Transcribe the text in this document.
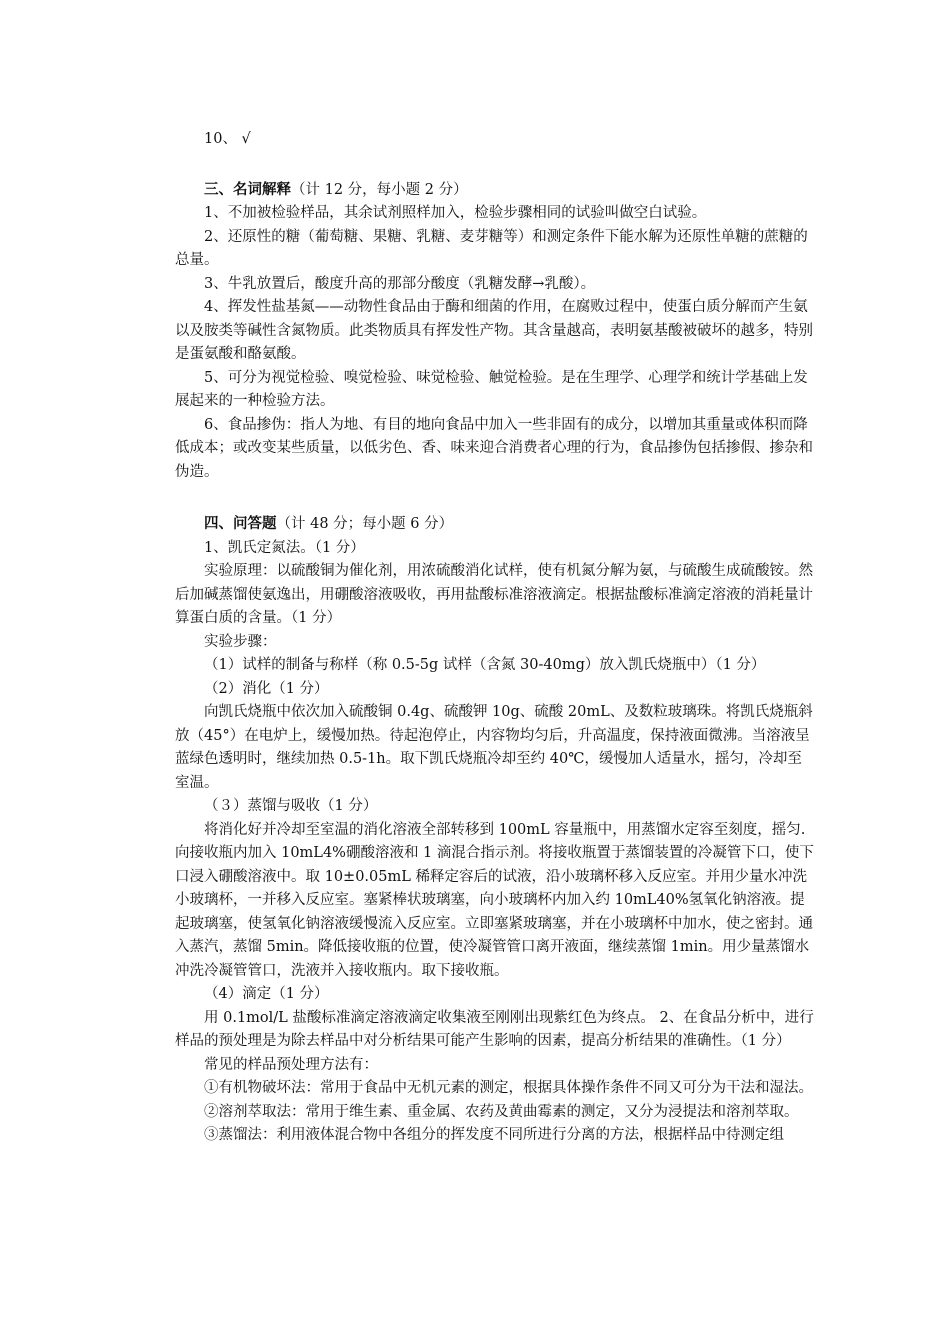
10、 √

三、名词解释（计 12 分，每小题 2 分）

1、不加被检验样品，其余试剂照样加入，检验步骤相同的试验叫做空白试验。

2、还原性的糖（葡萄糖、果糖、乳糖、麦芽糖等）和测定条件下能水解为还原性单糖的蔗糖的总量。

3、牛乳放置后，酸度升高的那部分酸度（乳糖发酵→乳酸）。

4、挥发性盐基氮——动物性食品由于酶和细菌的作用，在腐败过程中，使蛋白质分解而产生氨以及胺类等碱性含氮物质。此类物质具有挥发性产物。其含量越高，表明氨基酸被破坏的越多，特别是蛋氨酸和酪氨酸。

5、可分为视觉检验、嗅觉检验、味觉检验、触觉检验。是在生理学、心理学和统计学基础上发展起来的一种检验方法。

6、食品掺伪：指人为地、有目的地向食品中加入一些非固有的成分，以增加其重量或体积而降低成本；或改变某些质量，以低劣色、香、味来迎合消费者心理的行为，食品掺伪包括掺假、掺杂和伪造。

四、问答题（计 48 分；每小题 6 分）

1、凯氏定氮法。（1 分）

实验原理：以硫酸铜为催化剂，用浓硫酸消化试样，使有机氮分解为氨，与硫酸生成硫酸铵。然后加碱蒸馏使氨逸出，用硼酸溶液吸收，再用盐酸标准溶液滴定。根据盐酸标准滴定溶液的消耗量计算蛋白质的含量。（1 分）

实验步骤：

（1）试样的制备与称样（称 0.5-5g 试样（含氮 30-40mg）放入凯氏烧瓶中）（1 分）

（2）消化（1 分）

向凯氏烧瓶中依次加入硫酸铜 0.4g、硫酸钾 10g、硫酸 20mL、及数粒玻璃珠。将凯氏烧瓶斜放（45°）在电炉上，缓慢加热。待起泡停止，内容物均匀后，升高温度，保持液面微沸。当溶液呈蓝绿色透明时，继续加热 0.5-1h。取下凯氏烧瓶冷却至约 40℃，缓慢加人适量水，摇匀，冷却至室温。

（３）蒸馏与吸收（1 分）

将消化好并冷却至室温的消化溶液全部转移到 100mL 容量瓶中，用蒸馏水定容至刻度，摇匀. 向接收瓶内加入 10mL4%硼酸溶液和 1 滴混合指示剂。将接收瓶置于蒸馏装置的冷凝管下口，使下口浸入硼酸溶液中。取 10±0.05mL 稀释定容后的试液，沿小玻璃杯移入反应室。并用少量水冲洗小玻璃杯，一并移入反应室。塞紧棒状玻璃塞，向小玻璃杯内加入约 10mL40%氢氧化钠溶液。提起玻璃塞，使氢氧化钠溶液缓慢流入反应室。立即塞紧玻璃塞，并在小玻璃杯中加水，使之密封。通入蒸汽，蒸馏 5min。降低接收瓶的位置，使冷凝管管口离开液面，继续蒸馏 1min。用少量蒸馏水冲洗冷凝管管口，洗液并入接收瓶内。取下接收瓶。

（4）滴定（1 分）

用 0.1mol/L 盐酸标准滴定溶液滴定收集液至刚刚出现紫红色为终点。 2、在食品分析中，进行样品的预处理是为除去样品中对分析结果可能产生影响的因素，提高分析结果的准确性。（1 分）

常见的样品预处理方法有：

①有机物破坏法：常用于食品中无机元素的测定，根据具体操作条件不同又可分为干法和湿法。

②溶剂萃取法：常用于维生素、重金属、农药及黄曲霉素的测定，又分为浸提法和溶剂萃取。

③蒸馏法：利用液体混合物中各组分的挥发度不同所进行分离的方法，根据样品中待测定组
